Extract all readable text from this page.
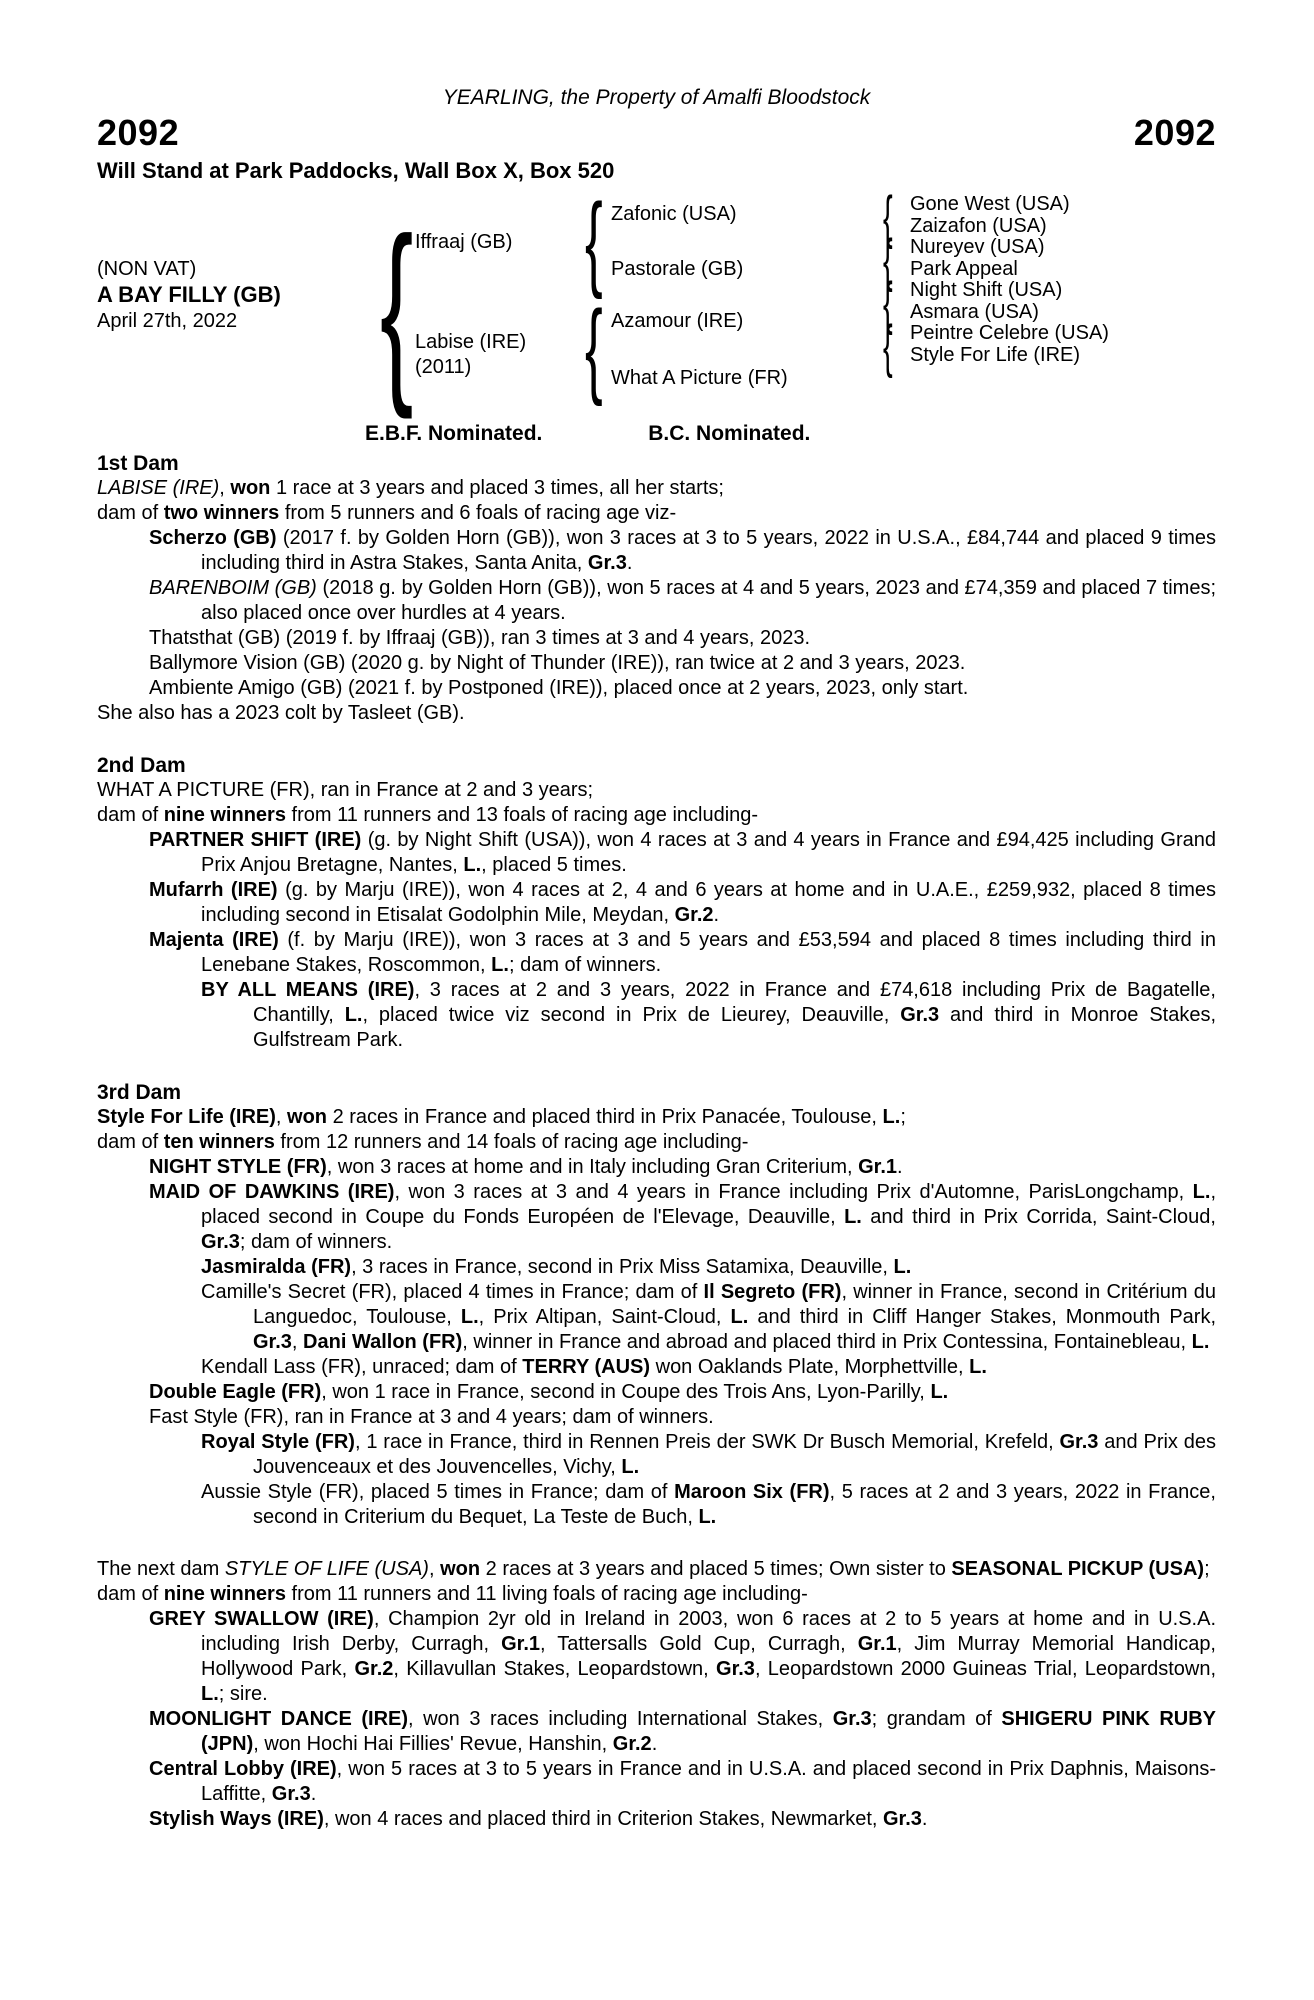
YEARLING, the Property of Amalfi Bloodstock
2092	2092
Will Stand at Park Paddocks, Wall Box X, Box 520
(NON VAT)
A BAY FILLY (GB)
April 27th, 2022
{
Iffraaj (GB)
Labise (IRE)
(2011)
{
{
Zafonic (USA)
Pastorale (GB)
Azamour (IRE)
What A Picture (FR)
{
{
{
{
Gone West (USA)
Zaizafon (USA)
Nureyev (USA)
Park Appeal
Night Shift (USA)
Asmara (USA)
Peintre Celebre (USA)
Style For Life (IRE)
E.B.F. Nominated.	B.C. Nominated.
1st Dam

LABISE (IRE), won 1 race at 3 years and placed 3 times, all her starts;

dam of two winners from 5 runners and 6 foals of racing age viz-

Scherzo (GB) (2017 f. by Golden Horn (GB)), won 3 races at 3 to 5 years, 2022 in U.S.A., £84,744 and placed 9 times including third in Astra Stakes, Santa Anita, Gr.3.

BARENBOIM (GB) (2018 g. by Golden Horn (GB)), won 5 races at 4 and 5 years, 2023 and £74,359 and placed 7 times; also placed once over hurdles at 4 years.

Thatsthat (GB) (2019 f. by Iffraaj (GB)), ran 3 times at 3 and 4 years, 2023.

Ballymore Vision (GB) (2020 g. by Night of Thunder (IRE)), ran twice at 2 and 3 years, 2023.

Ambiente Amigo (GB) (2021 f. by Postponed (IRE)), placed once at 2 years, 2023, only start.

She also has a 2023 colt by Tasleet (GB).

2nd Dam

WHAT A PICTURE (FR), ran in France at 2 and 3 years;

dam of nine winners from 11 runners and 13 foals of racing age including-

PARTNER SHIFT (IRE) (g. by Night Shift (USA)), won 4 races at 3 and 4 years in France and £94,425 including Grand Prix Anjou Bretagne, Nantes, L., placed 5 times.

Mufarrh (IRE) (g. by Marju (IRE)), won 4 races at 2, 4 and 6 years at home and in U.A.E., £259,932, placed 8 times including second in Etisalat Godolphin Mile, Meydan, Gr.2.

Majenta (IRE) (f. by Marju (IRE)), won 3 races at 3 and 5 years and £53,594 and placed 8 times including third in Lenebane Stakes, Roscommon, L.; dam of winners.

BY ALL MEANS (IRE), 3 races at 2 and 3 years, 2022 in France and £74,618 including Prix de Bagatelle, Chantilly, L., placed twice viz second in Prix de Lieurey, Deauville, Gr.3 and third in Monroe Stakes, Gulfstream Park.

3rd Dam

Style For Life (IRE), won 2 races in France and placed third in Prix Panacée, Toulouse, L.;

dam of ten winners from 12 runners and 14 foals of racing age including-

NIGHT STYLE (FR), won 3 races at home and in Italy including Gran Criterium, Gr.1.

MAID OF DAWKINS (IRE), won 3 races at 3 and 4 years in France including Prix d'Automne, ParisLongchamp, L., placed second in Coupe du Fonds Européen de l'Elevage, Deauville, L. and third in Prix Corrida, Saint-Cloud, Gr.3; dam of winners.

Jasmiralda (FR), 3 races in France, second in Prix Miss Satamixa, Deauville, L.

Camille's Secret (FR), placed 4 times in France; dam of Il Segreto (FR), winner in France, second in Critérium du Languedoc, Toulouse, L., Prix Altipan, Saint-Cloud, L. and third in Cliff Hanger Stakes, Monmouth Park, Gr.3, Dani Wallon (FR), winner in France and abroad and placed third in Prix Contessina, Fontainebleau, L.

Kendall Lass (FR), unraced; dam of TERRY (AUS) won Oaklands Plate, Morphettville, L.

Double Eagle (FR), won 1 race in France, second in Coupe des Trois Ans, Lyon-Parilly, L.

Fast Style (FR), ran in France at 3 and 4 years; dam of winners.

Royal Style (FR), 1 race in France, third in Rennen Preis der SWK Dr Busch Memorial, Krefeld, Gr.3 and Prix des Jouvenceaux et des Jouvencelles, Vichy, L.

Aussie Style (FR), placed 5 times in France; dam of Maroon Six (FR), 5 races at 2 and 3 years, 2022 in France, second in Criterium du Bequet, La Teste de Buch, L.

The next dam STYLE OF LIFE (USA), won 2 races at 3 years and placed 5 times; Own sister to SEASONAL PICKUP (USA);

dam of nine winners from 11 runners and 11 living foals of racing age including-

GREY SWALLOW (IRE), Champion 2yr old in Ireland in 2003, won 6 races at 2 to 5 years at home and in U.S.A. including Irish Derby, Curragh, Gr.1, Tattersalls Gold Cup, Curragh, Gr.1, Jim Murray Memorial Handicap, Hollywood Park, Gr.2, Killavullan Stakes, Leopardstown, Gr.3, Leopardstown 2000 Guineas Trial, Leopardstown, L.; sire.

MOONLIGHT DANCE (IRE), won 3 races including International Stakes, Gr.3; grandam of SHIGERU PINK RUBY (JPN), won Hochi Hai Fillies' Revue, Hanshin, Gr.2.

Central Lobby (IRE), won 5 races at 3 to 5 years in France and in U.S.A. and placed second in Prix Daphnis, Maisons-Laffitte, Gr.3.

Stylish Ways (IRE), won 4 races and placed third in Criterion Stakes, Newmarket, Gr.3.
